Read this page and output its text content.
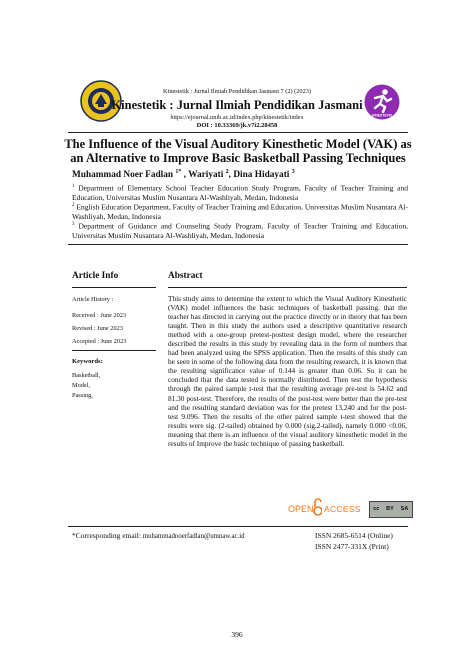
Kinestetik : Jurnal Ilmiah Pendidikan Jasmani 7 (2) (2023)
Kinestetik : Jurnal Ilmiah Pendidikan Jasmani
https://ejournal.unib.ac.id/index.php/kinestetik/index
DOI : 10.33369/jk.v7i2.28458
KINESTETIK
The Influence of the Visual Auditory Kinesthetic Model (VAK) as an Alternative to Improve Basic Basketball Passing Techniques
Muhammad Noer Fadlan $^{1*}$ , Wariyati $^2$, Dina Hidayati $^3$
$^1$ Department of Elementary School Teacher Education Study Program, Faculty of Teacher Training and Education, Universitas Muslim Nusantara Al-Washliyah, Medan, Indonesia
$^2$ English Education Department, Faculty of Teacher Training and Education, Universitas Muslim Nusantara Al-Washliyah, Medan, Indonesia
$^3$ Department of Guidance and Counseling Study Program, Faculty of Teacher Training and Education, Universitas Muslim Nusantara Al-Washliyah, Medan, Indonesia
Article Info	Abstract
Article History :
Received : June 2023
Revised : June 2023
Accepted : June 2023
Keywords:
Basketball,
Model,
Passing,
This study aims to determine the extent to which the Visual Auditory Kinesthetic (VAK) model influences the basic techniques of basketball passing. that the teacher has directed in carrying out the practice directly or in theory that has been taught. Then in this study the authors used a descriptive quantitative research method with a one-group pretest-posttest design model, where the researcher described the results in this study by revealing data in the form of numbers that had been analyzed using the SPSS application. Then the results of this study can be seen in some of the following data from the resulting research, it is known that the resulting significance value of 0.144 is greater than 0.06. So it can be concluded that the data tested is normally distributed. Then test the hypothesis through the paired sample t-test that the resulting average pre-test is 54.62 and 81.30 post-test. Therefore, the results of the post-test were better than the pre-test and the resulting standard deviation was for the pretest 13,240 and for the post-test 9.096. Then the results of the other paired sample t-test showed that the results were sig. (2-tailed) obtained by 0.000 (sig.2-tailed), namely 0.000 <0.06, meaning that there is an influence of the visual auditory kinesthetic model in the results of Improve the basic technique of passing basketball.
OPEN ACCESS cc BY SA
*Corresponding email: muhammadnoerfadlan@umnaw.ac.id	ISSN 2685-6514 (Online)
ISSN 2477-331X (Print)
396
